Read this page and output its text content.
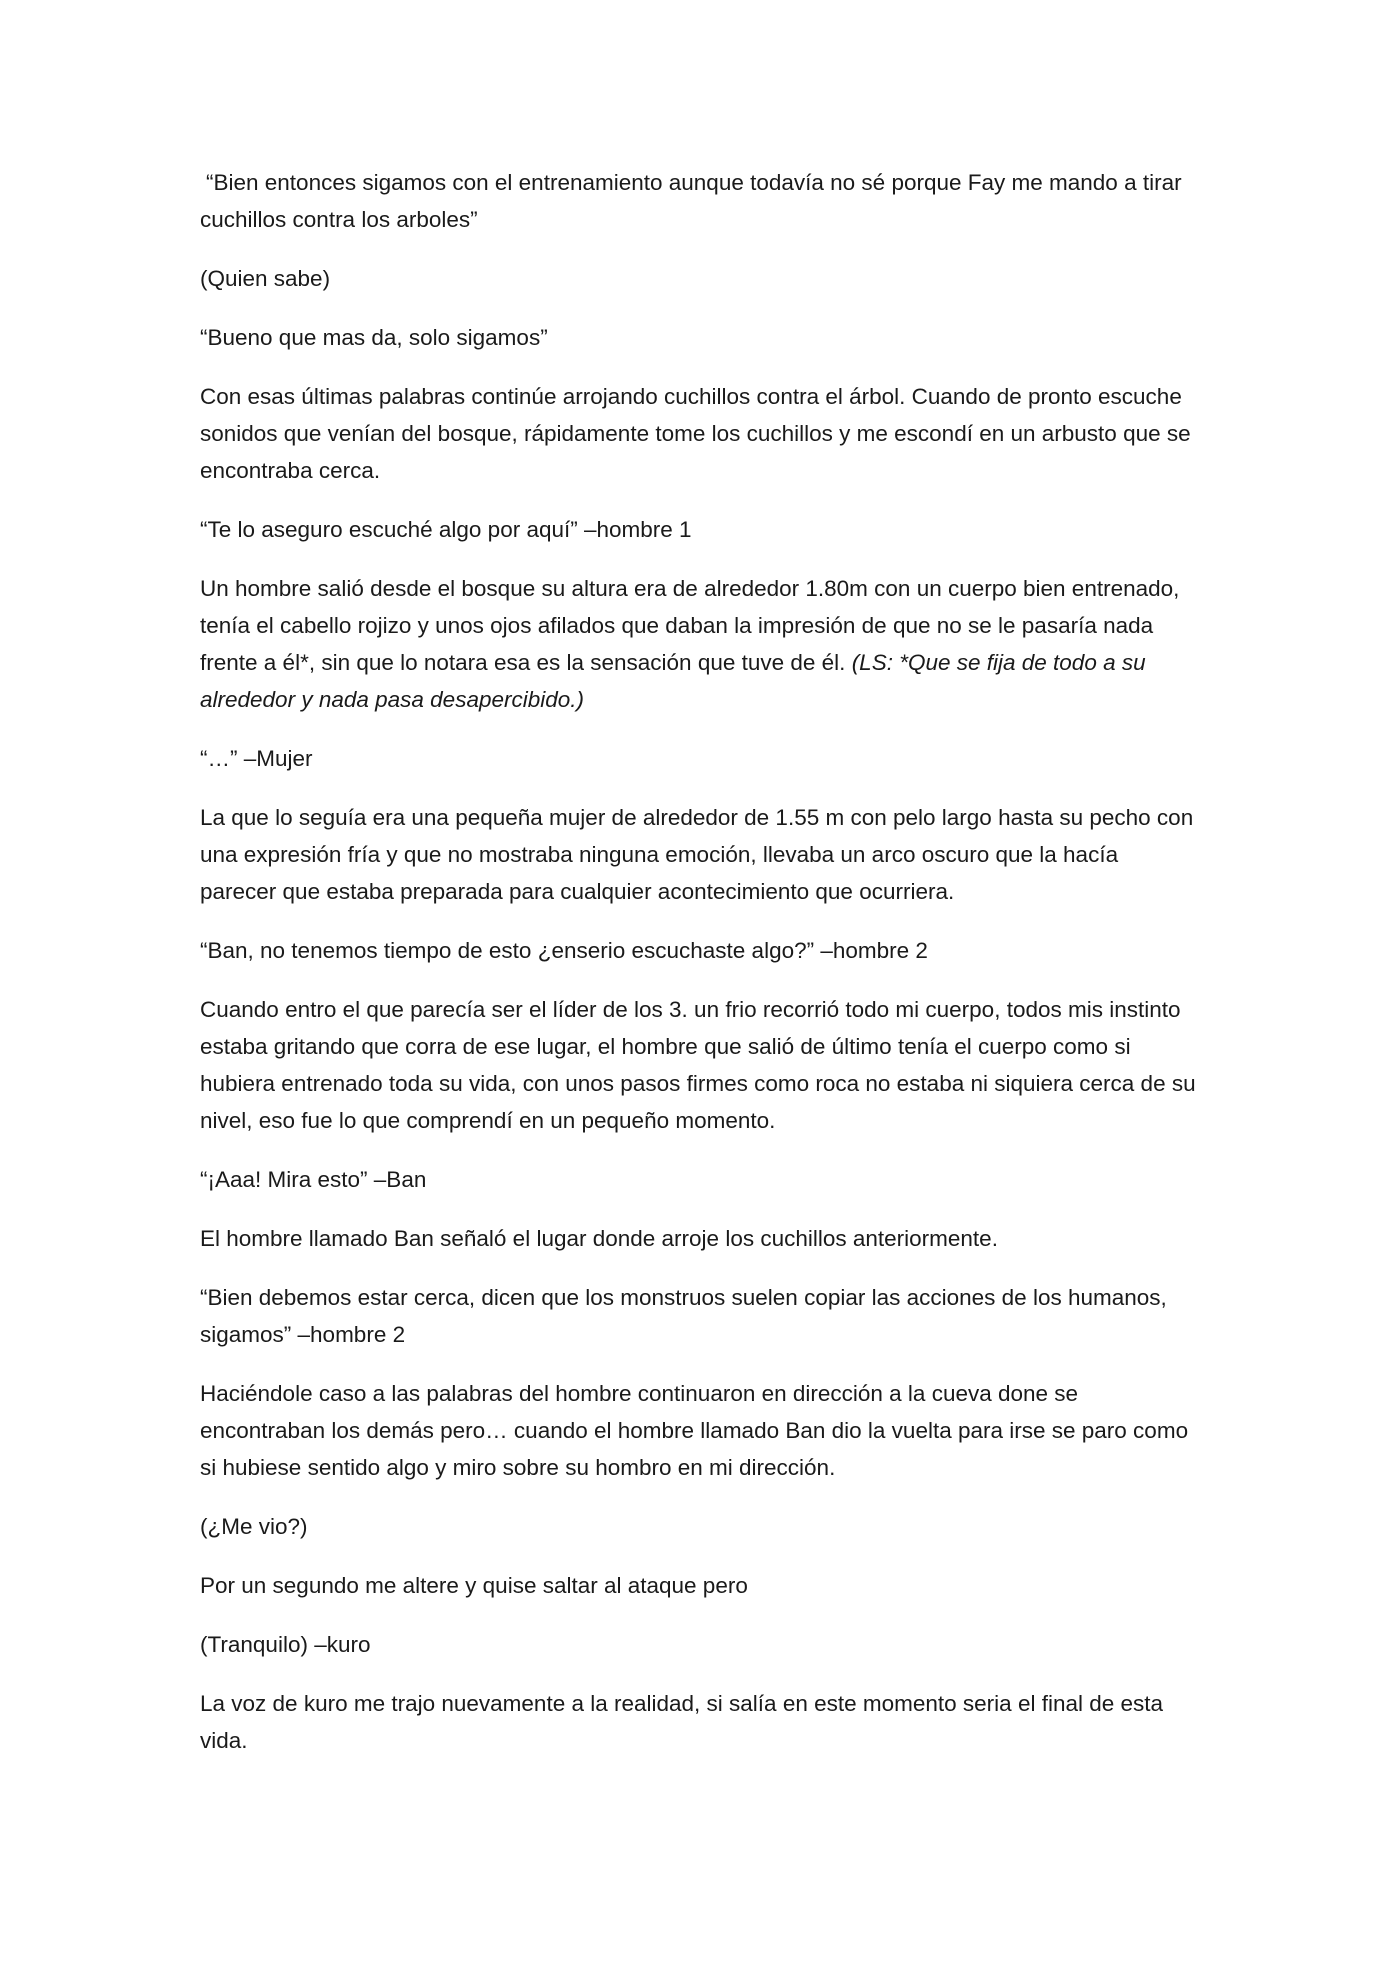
“Bien entonces sigamos con el entrenamiento aunque todavía no sé porque Fay me mando a tirar cuchillos contra los arboles”

(Quien sabe)

“Bueno que mas da, solo sigamos”

Con esas últimas palabras continúe arrojando cuchillos contra el árbol. Cuando de pronto escuche sonidos que venían del bosque, rápidamente tome los cuchillos y me escondí en un arbusto que se encontraba cerca.

“Te lo aseguro escuché algo por aquí” –hombre 1

Un hombre salió desde el bosque su altura era de alrededor 1.80m con un cuerpo bien entrenado, tenía el cabello rojizo y unos ojos afilados que daban la impresión de que no se le pasaría nada frente a él*, sin que lo notara esa es la sensación que tuve de él. (LS: *Que se fija de todo a su alrededor y nada pasa desapercibido.)

“…” –Mujer

La que lo seguía era una pequeña mujer de alrededor de 1.55 m con pelo largo hasta su pecho con una expresión fría y que no mostraba ninguna emoción, llevaba un arco oscuro que la hacía parecer que estaba preparada para cualquier acontecimiento que ocurriera.

“Ban, no tenemos tiempo de esto ¿enserio escuchaste algo?” –hombre 2

Cuando entro el que parecía ser el líder de los 3. un frio recorrió todo mi cuerpo, todos mis instinto estaba gritando que corra de ese lugar, el hombre que salió de último tenía el cuerpo como si hubiera entrenado toda su vida, con unos pasos firmes como roca no estaba ni siquiera cerca de su nivel, eso fue lo que comprendí en un pequeño momento.

“¡Aaa! Mira esto” –Ban

El hombre llamado Ban señaló el lugar donde arroje los cuchillos anteriormente.

“Bien debemos estar cerca, dicen que los monstruos suelen copiar las acciones de los humanos, sigamos” –hombre 2

Haciéndole caso a las palabras del hombre continuaron en dirección a la cueva done se encontraban los demás pero… cuando el hombre llamado Ban dio la vuelta para irse se paro como si hubiese sentido algo y miro sobre su hombro en mi dirección.

(¿Me vio?)

Por un segundo me altere y quise saltar al ataque pero

(Tranquilo) –kuro

La voz de kuro me trajo nuevamente a la realidad, si salía en este momento seria el final de esta vida.
